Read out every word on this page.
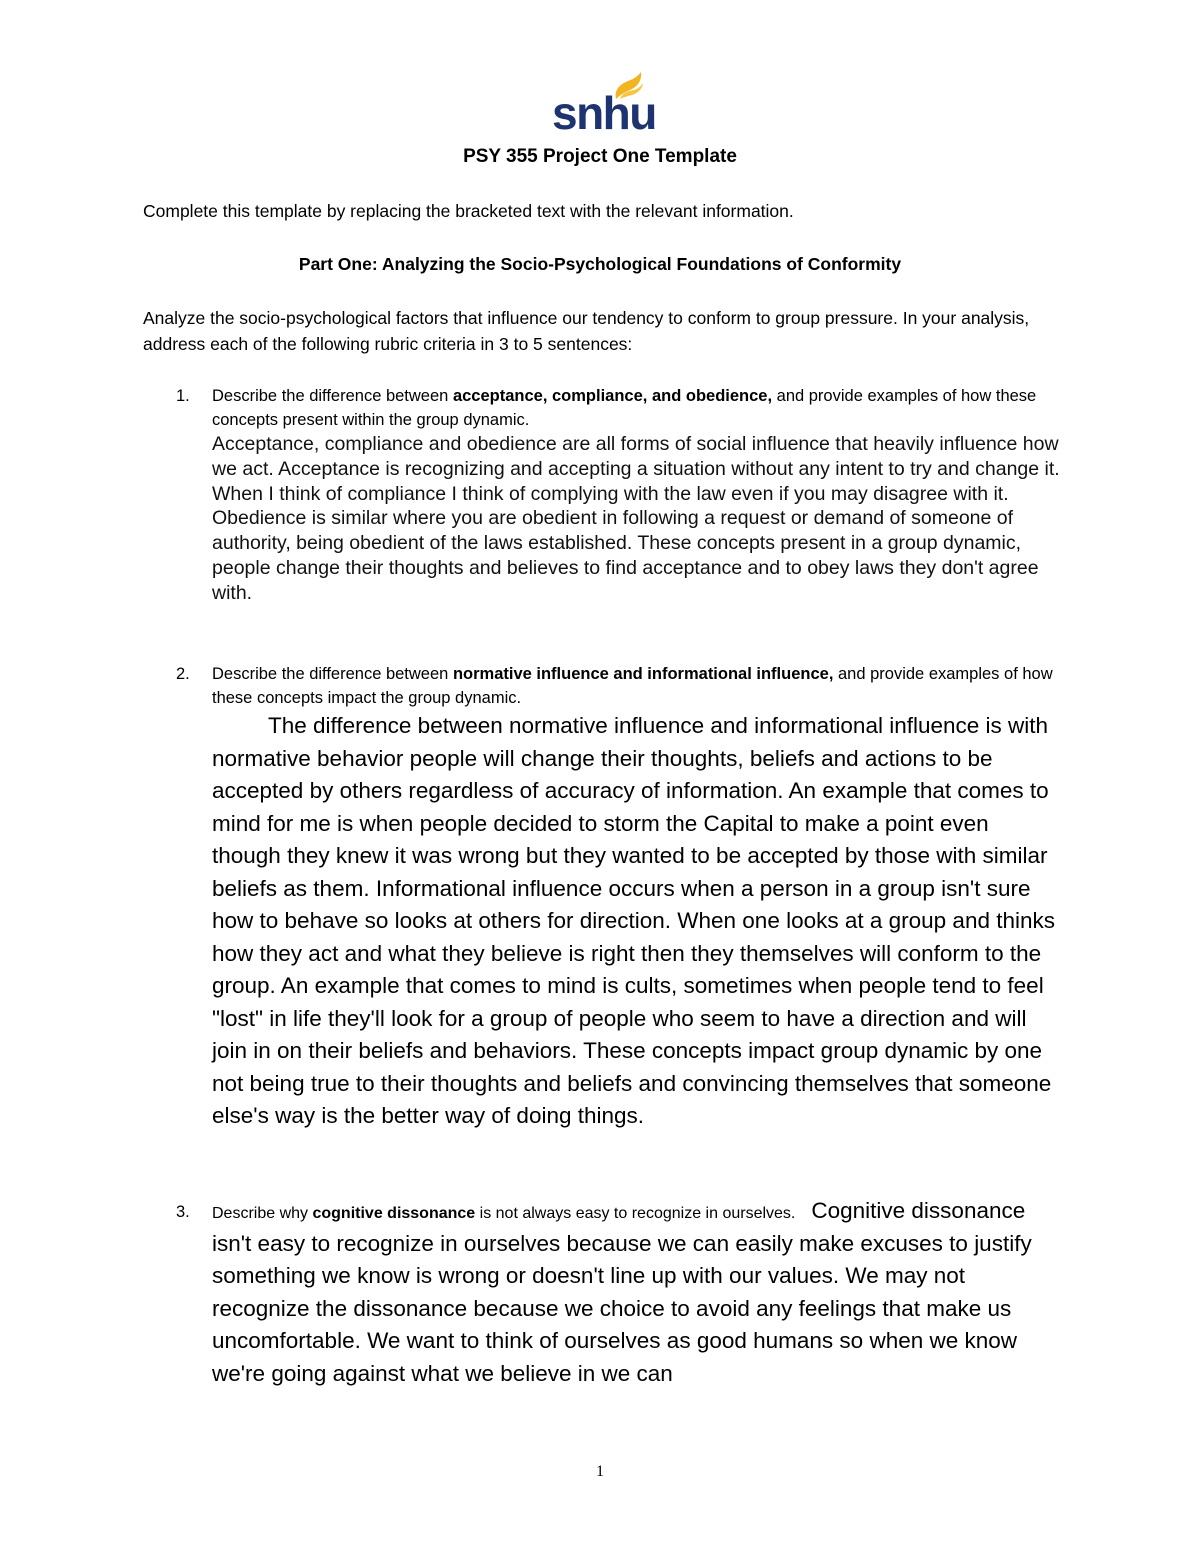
snhu
PSY 355 Project One Template
Complete this template by replacing the bracketed text with the relevant information.
Part One: Analyzing the Socio-Psychological Foundations of Conformity
Analyze the socio-psychological factors that influence our tendency to conform to group pressure. In your analysis, address each of the following rubric criteria in 3 to 5 sentences:
1. Describe the difference between acceptance, compliance, and obedience, and provide examples of how these concepts present within the group dynamic.

Acceptance, compliance and obedience are all forms of social influence that heavily influence how we act. Acceptance is recognizing and accepting a situation without any intent to try and change it. When I think of compliance I think of complying with the law even if you may disagree with it. Obedience is similar where you are obedient in following a request or demand of someone of authority, being obedient of the laws established. These concepts present in a group dynamic, people change their thoughts and believes to find acceptance and to obey laws they don't agree with.

2. Describe the difference between normative influence and informational influence, and provide examples of how these concepts impact the group dynamic.

The difference between normative influence and informational influence is with normative behavior people will change their thoughts, beliefs and actions to be accepted by others regardless of accuracy of information. An example that comes to mind for me is when people decided to storm the Capital to make a point even though they knew it was wrong but they wanted to be accepted by those with similar beliefs as them. Informational influence occurs when a person in a group isn't sure how to behave so looks at others for direction. When one looks at a group and thinks how they act and what they believe is right then they themselves will conform to the group. An example that comes to mind is cults, sometimes when people tend to feel "lost" in life they'll look for a group of people who seem to have a direction and will join in on their beliefs and behaviors. These concepts impact group dynamic by one not being true to their thoughts and beliefs and convincing themselves that someone else's way is the better way of doing things.

3. Describe why cognitive dissonance is not always easy to recognize in ourselves. Cognitive dissonance isn't easy to recognize in ourselves because we can easily make excuses to justify something we know is wrong or doesn't line up with our values. We may not recognize the dissonance because we choice to avoid any feelings that make us uncomfortable. We want to think of ourselves as good humans so when we know we're going against what we believe in we can

1
